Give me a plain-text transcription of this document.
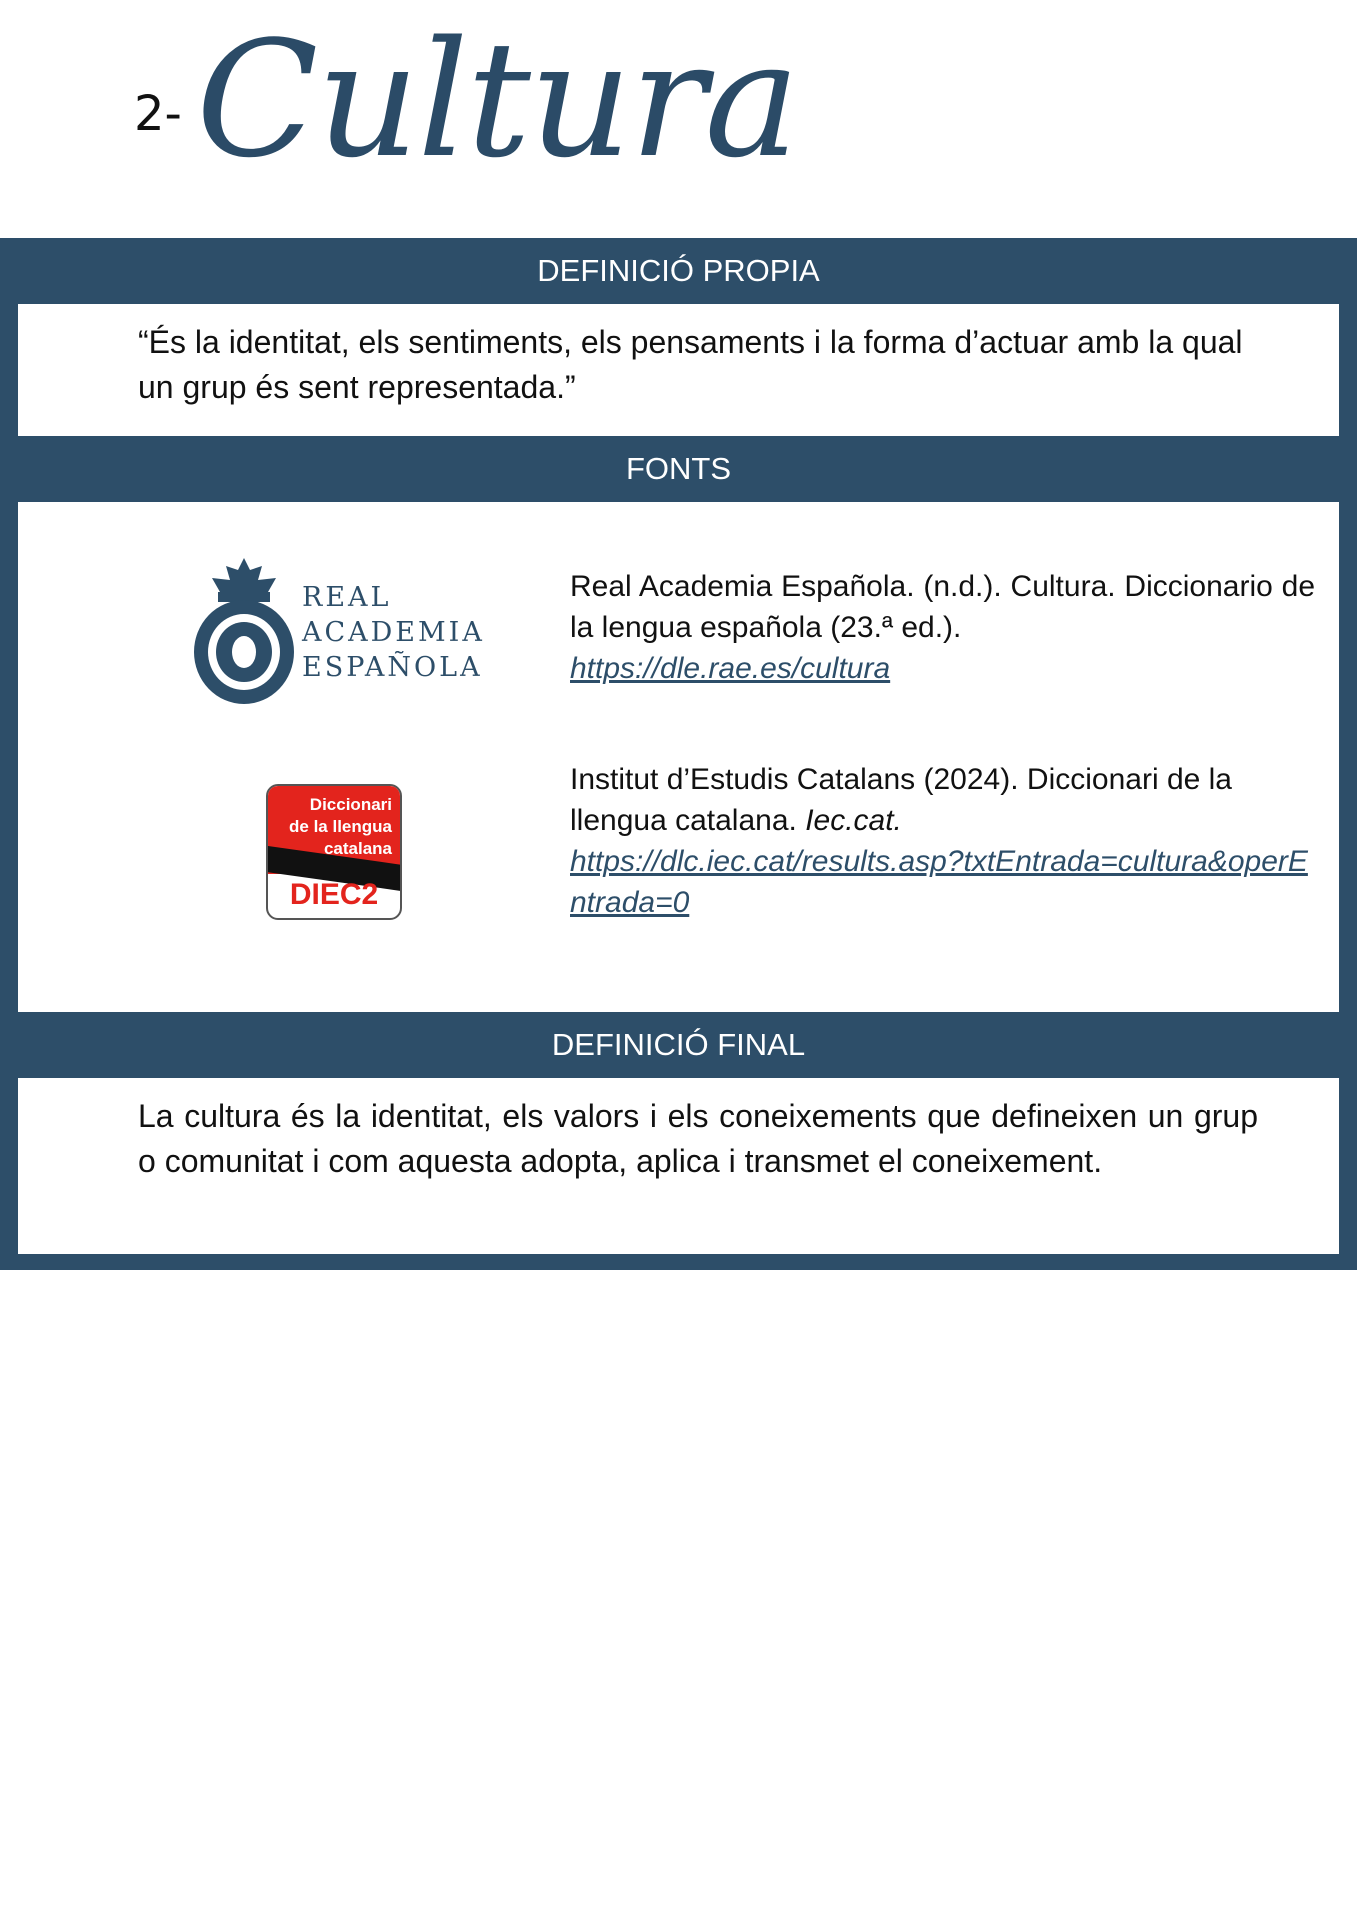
2- Cultura
DEFINICIÓ PROPIA
“És la identitat, els sentiments, els pensaments i la forma d’actuar amb la qual un grup és sent representada.”
FONTS
REAL
ACADEMIA
ESPAÑOLA
Real Academia Española. (n.d.). Cultura. Diccionario de la lengua española (23.ª ed.).
https://dle.rae.es/cultura
Diccionari
de la llengua
catalana
DIEC2
Institut d’Estudis Catalans (2024). Diccionari de la llengua catalana. Iec.cat.
https://dlc.iec.cat/results.asp?txtEntrada=cultura&operEntrada=0
DEFINICIÓ FINAL
La cultura és la identitat, els valors i els coneixements que defineixen un grup o comunitat i com aquesta adopta, aplica i transmet el coneixement.
